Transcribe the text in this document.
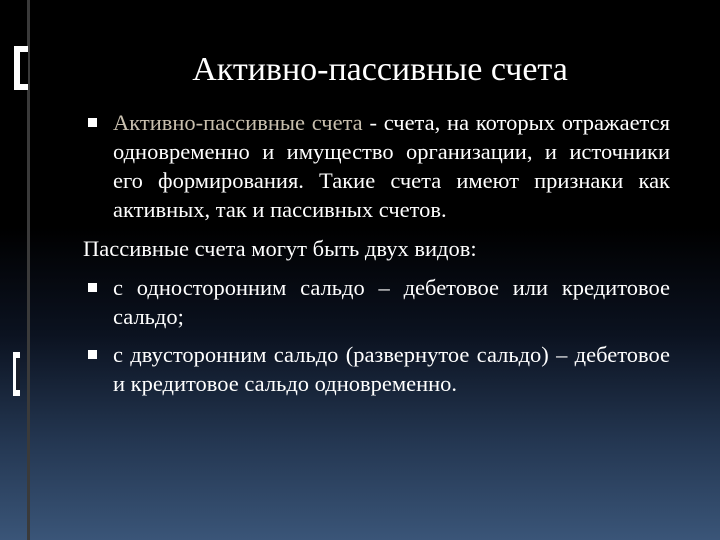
Активно-пассивные счета
Активно-пассивные счета - счета, на которых отражается одновременно и имущество организации, и источники его формирования. Такие счета имеют признаки как активных, так и пассивных счетов.
Пассивные счета могут быть двух видов:
с односторонним сальдо – дебетовое или кредитовое сальдо;
с двусторонним сальдо (развернутое сальдо) – дебетовое и кредитовое сальдо одновременно.
